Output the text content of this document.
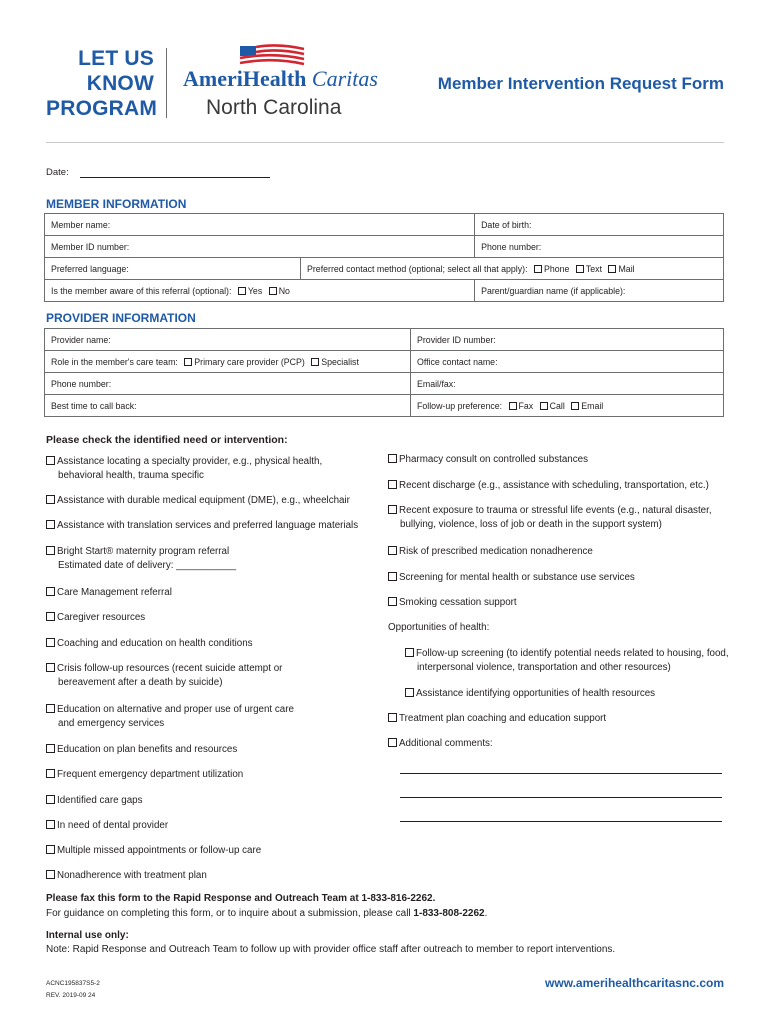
LET US
KNOW
PROGRAM
AmeriHealth Caritas
North Carolina
Member Intervention Request Form
Date:
MEMBER INFORMATION
Member name:		Date of birth:
Member ID number:		Phone number:
Preferred language:	Preferred contact method (optional; select all that apply): Phone Text Mail	
Is the member aware of this referral (optional): Yes No		Parent/guardian name (if applicable):
PROVIDER INFORMATION
Provider name:	Provider ID number:
Role in the member's care team: Primary care provider (PCP) Specialist	Office contact name:
Phone number:	Email/fax:
Best time to call back:	Follow-up preference: Fax Call Email
Please check the identified need or intervention:
Assistance locating a specialty provider, e.g., physical health,
behavioral health, trauma specific
Assistance with durable medical equipment (DME), e.g., wheelchair
Assistance with translation services and preferred language materials
Bright Start® maternity program referral
Estimated date of delivery: ___________
Care Management referral
Caregiver resources
Coaching and education on health conditions
Crisis follow-up resources (recent suicide attempt or
bereavement after a death by suicide)
Education on alternative and proper use of urgent care
and emergency services
Education on plan benefits and resources
Frequent emergency department utilization
Identified care gaps
In need of dental provider
Multiple missed appointments or follow-up care
Nonadherence with treatment plan
Pharmacy consult on controlled substances
Recent discharge (e.g., assistance with scheduling, transportation, etc.)
Recent exposure to trauma or stressful life events (e.g., natural disaster,
bullying, violence, loss of job or death in the support system)
Risk of prescribed medication nonadherence
Screening for mental health or substance use services
Smoking cessation support
Opportunities of health:
Follow-up screening (to identify potential needs related to housing, food,
interpersonal violence, transportation and other resources)
Assistance identifying opportunities of health resources
Treatment plan coaching and education support
Additional comments:
Please fax this form to the Rapid Response and Outreach Team at 1-833-816-2262.
For guidance on completing this form, or to inquire about a submission, please call 1-833-808-2262.
Internal use only:
Note: Rapid Response and Outreach Team to follow up with provider office staff after outreach to member to report interventions.
ACNC195837S5-2
REV. 2019-09 24
www.amerihealthcaritasnc.com
